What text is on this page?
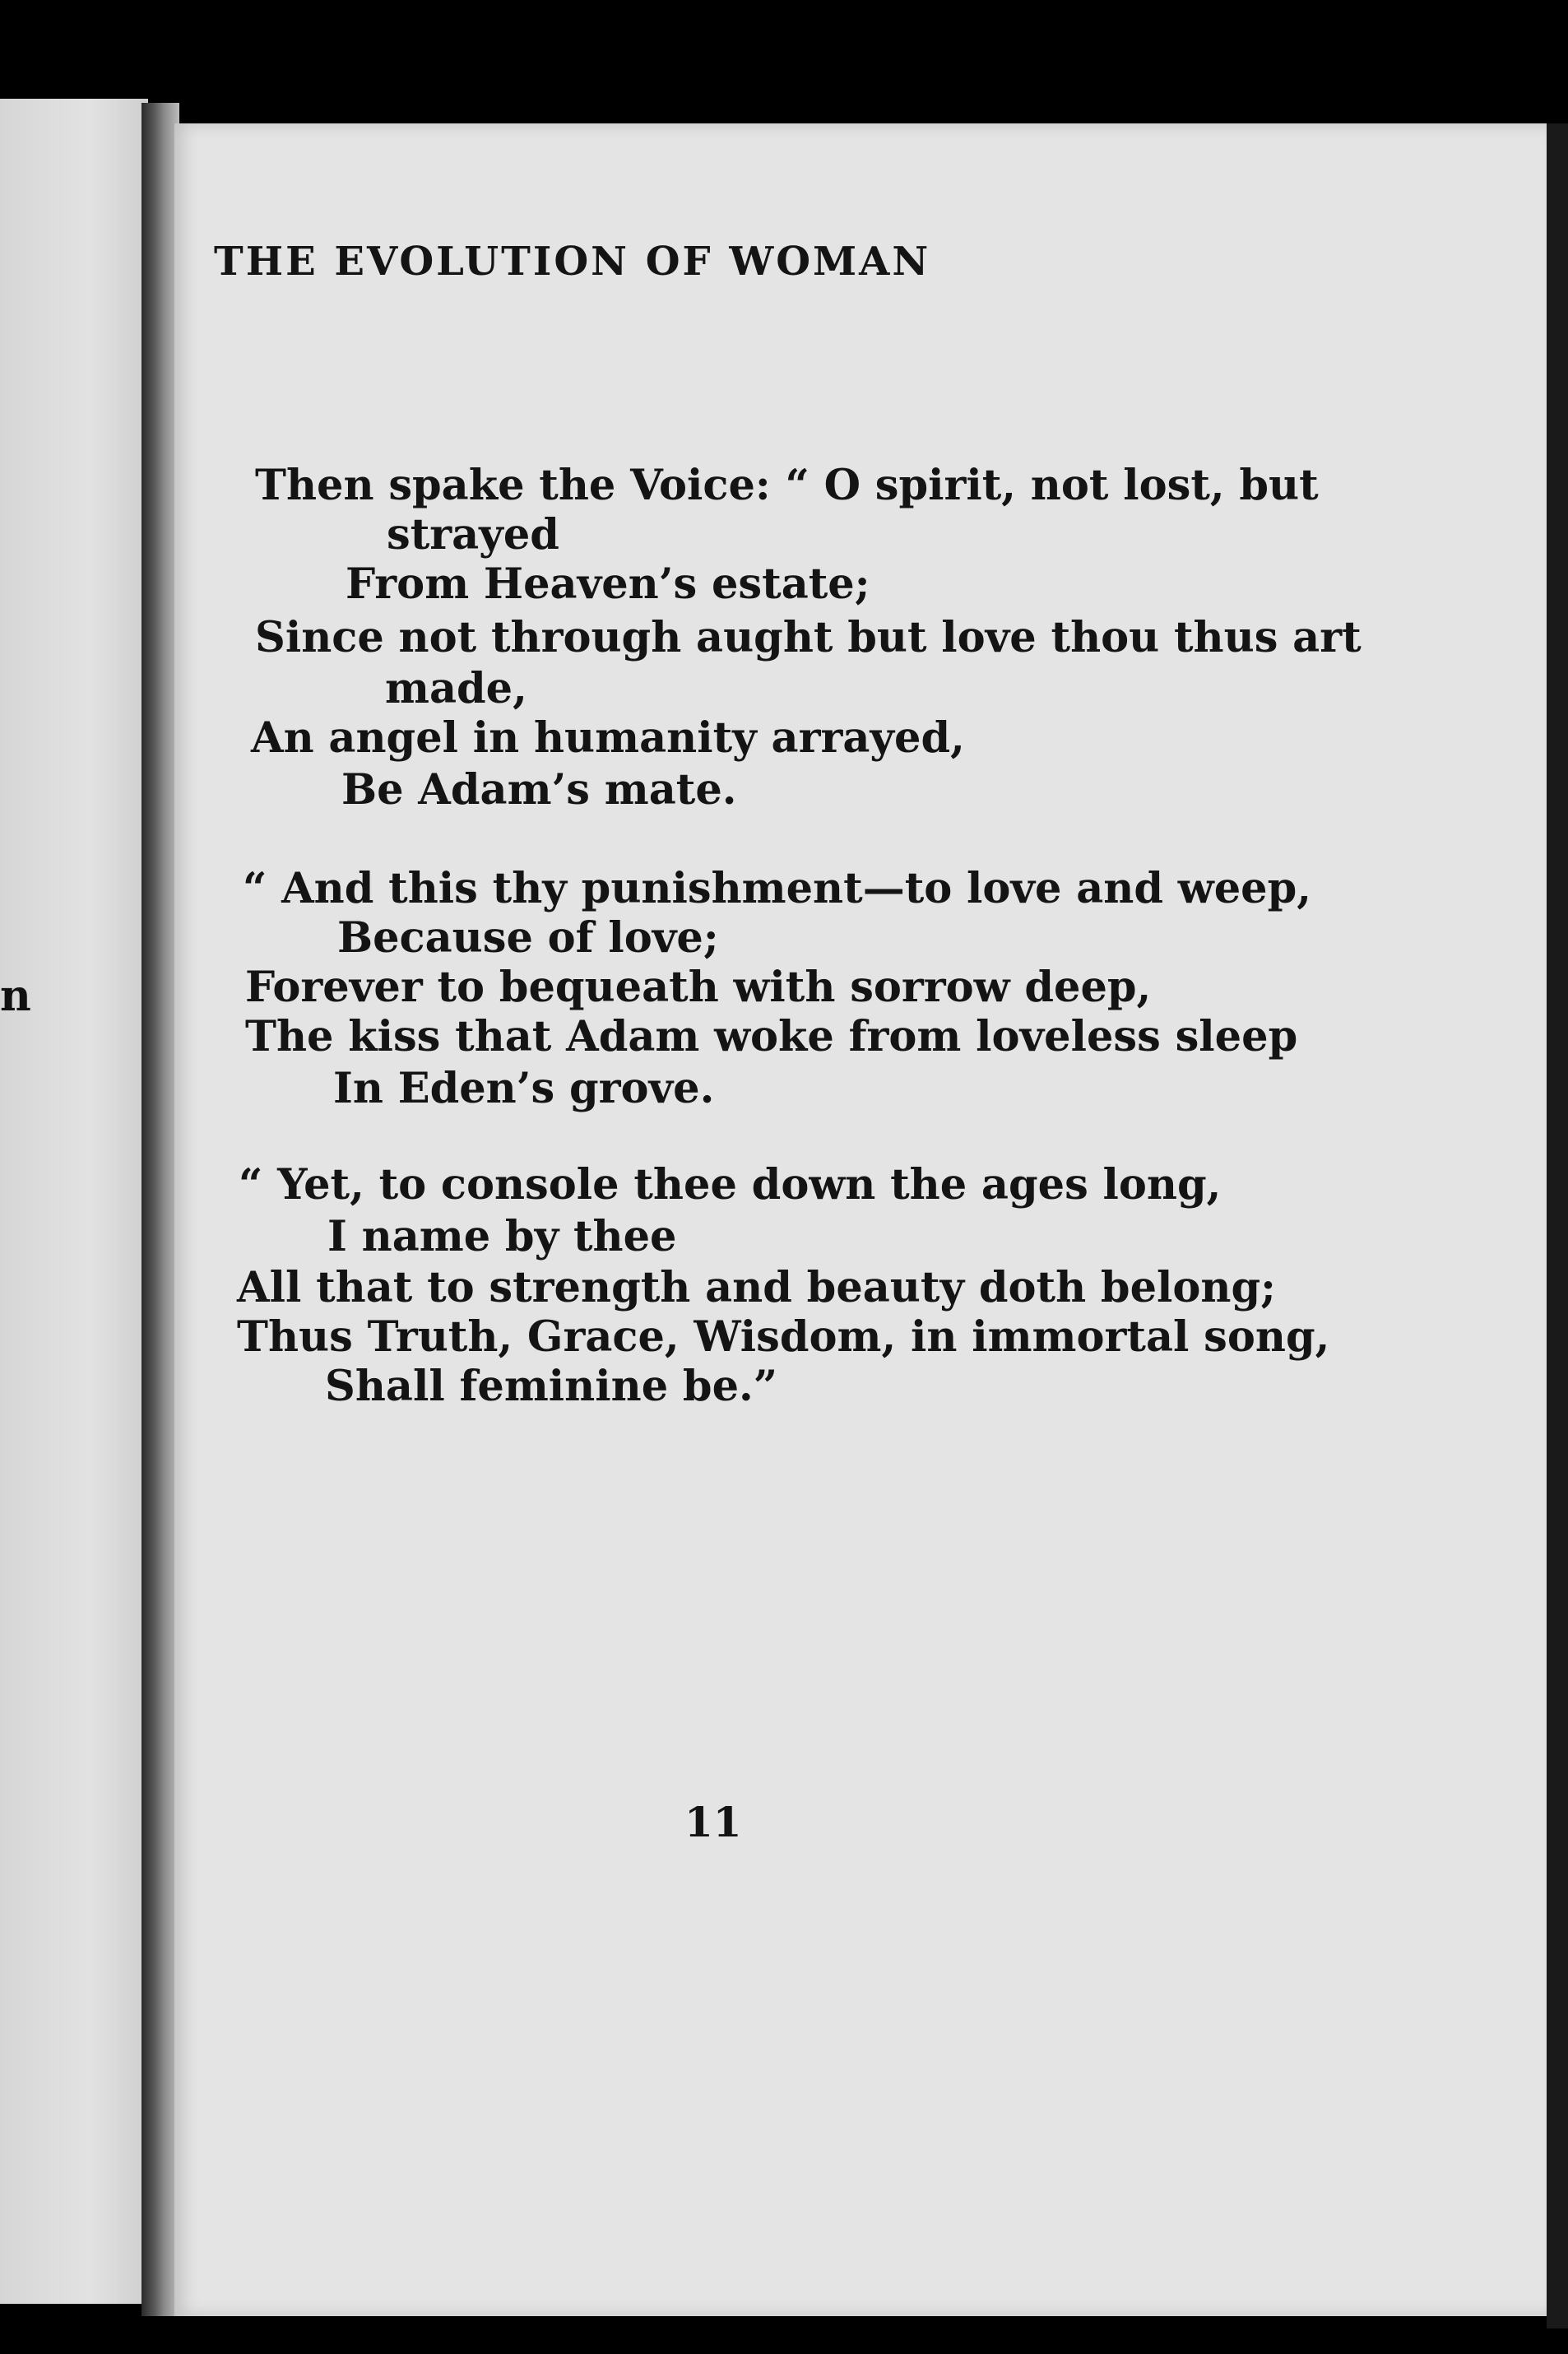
n
THE EVOLUTION OF WOMAN
Then spake the Voice: “ O spirit, not lost, but
strayed
From Heaven’s estate;
Since not through aught but love thou thus art
made,
An angel in humanity arrayed,
Be Adam’s mate.
“ And this thy punishment—to love and weep,
Because of love;
Forever to bequeath with sorrow deep,
The kiss that Adam woke from loveless sleep
In Eden’s grove.
“ Yet, to console thee down the ages long,
I name by thee
All that to strength and beauty doth belong;
Thus Truth, Grace, Wisdom, in immortal song,
Shall feminine be.”
11
